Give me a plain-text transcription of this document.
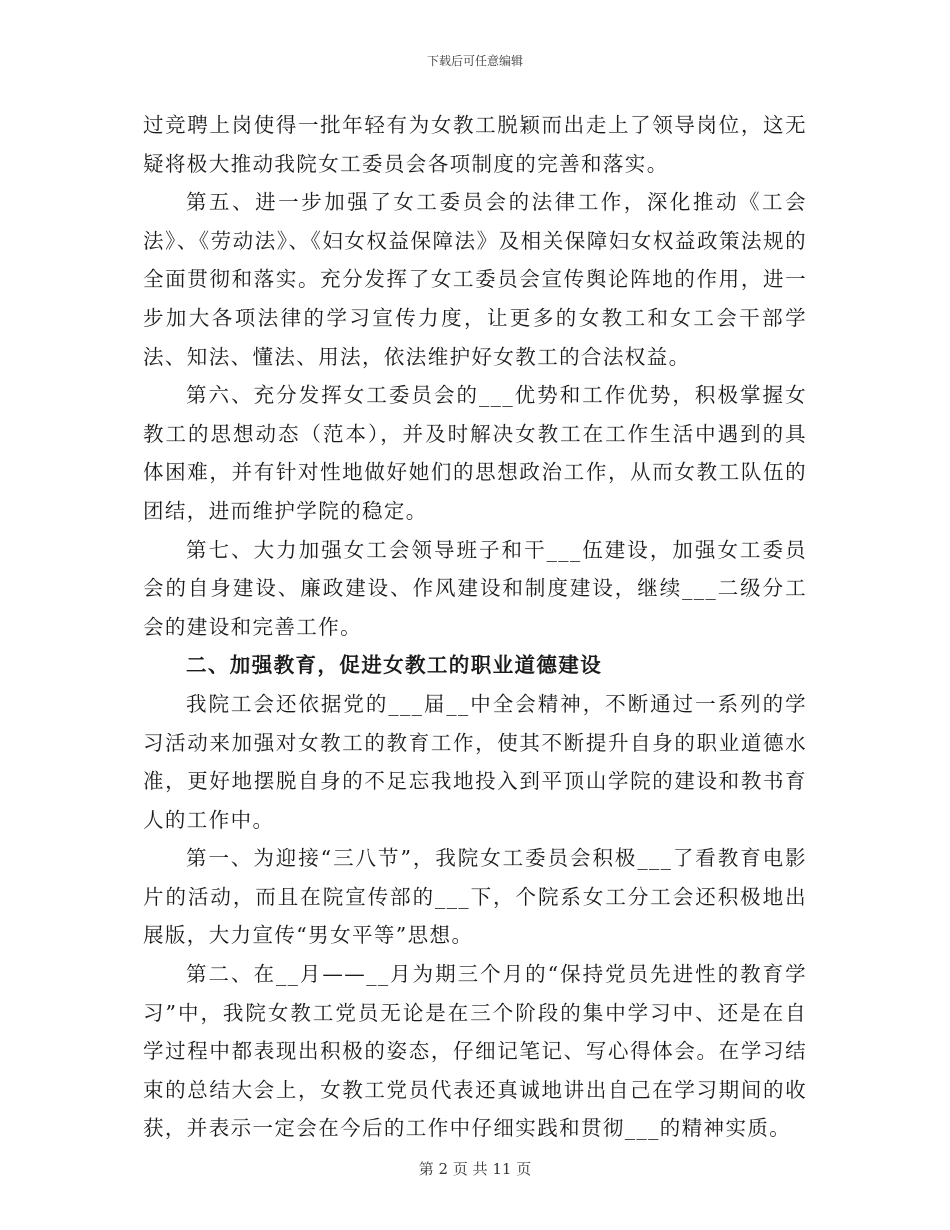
下载后可任意编辑

过竞聘上岗使得一批年轻有为女教工脱颖而出走上了领导岗位，这无疑将极大推动我院女工委员会各项制度的完善和落实。

第五、进一步加强了女工委员会的法律工作，深化推动《工会法》、《劳动法》、《妇女权益保障法》及相关保障妇女权益政策法规的全面贯彻和落实。充分发挥了女工委员会宣传舆论阵地的作用，进一步加大各项法律的学习宣传力度，让更多的女教工和女工会干部学法、知法、懂法、用法，依法维护好女教工的合法权益。

第六、充分发挥女工委员会的___优势和工作优势，积极掌握女教工的思想动态（范本），并及时解决女教工在工作生活中遇到的具体困难，并有针对性地做好她们的思想政治工作，从而女教工队伍的团结，进而维护学院的稳定。

第七、大力加强女工会领导班子和干___伍建设，加强女工委员会的自身建设、廉政建设、作风建设和制度建设，继续___二级分工会的建设和完善工作。

二、加强教育，促进女教工的职业道德建设

我院工会还依据党的___届__中全会精神，不断通过一系列的学习活动来加强对女教工的教育工作，使其不断提升自身的职业道德水准，更好地摆脱自身的不足忘我地投入到平顶山学院的建设和教书育人的工作中。

第一、为迎接“三八节”，我院女工委员会积极___了看教育电影片的活动，而且在院宣传部的___下，个院系女工分工会还积极地出展版，大力宣传“男女平等”思想。

第二、在__月——__月为期三个月的“保持党员先进性的教育学习”中，我院女教工党员无论是在三个阶段的集中学习中、还是在自学过程中都表现出积极的姿态，仔细记笔记、写心得体会。在学习结束的总结大会上，女教工党员代表还真诚地讲出自己在学习期间的收获，并表示一定会在今后的工作中仔细实践和贯彻___的精神实质。

第 2 页 共 11 页
